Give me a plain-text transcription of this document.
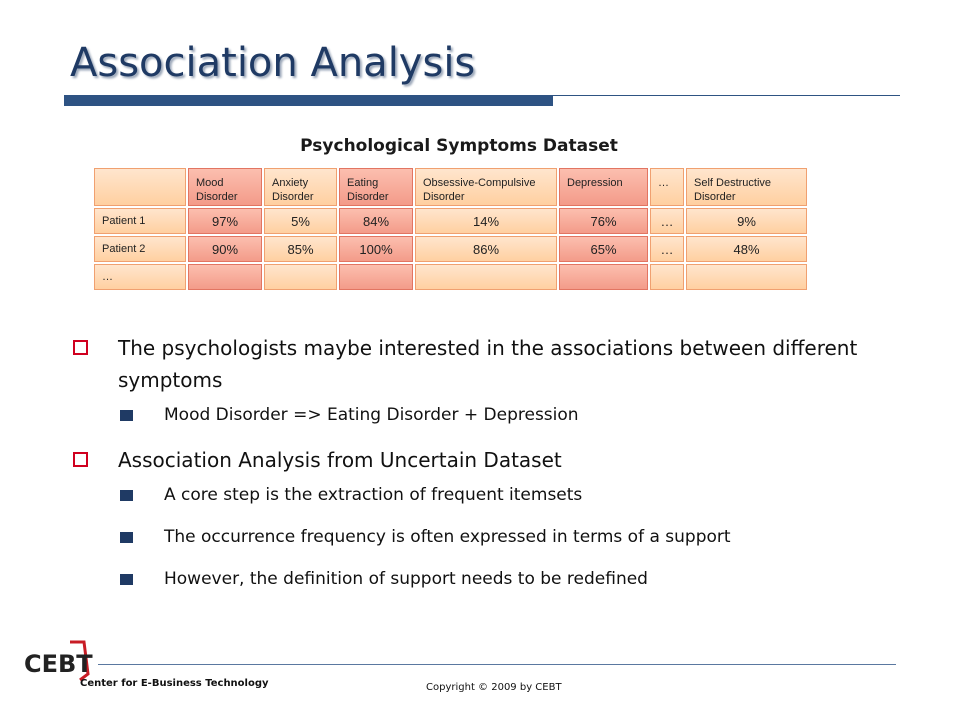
Association Analysis
Psychological Symptoms Dataset
	Mood Disorder	Anxiety Disorder	Eating Disorder	Obsessive-Compulsive Disorder	Depression	…	Self Destructive Disorder
Patient 1	97%	5%	84%	14%	76%	…	9%
Patient 2	90%	85%	100%	86%	65%	…	48%
…							
The psychologists maybe interested in the associations between different symptoms
Mood Disorder => Eating Disorder + Depression
Association Analysis from Uncertain Dataset
A core step is the extraction of frequent itemsets
The occurrence frequency is often expressed in terms of a support
However, the definition of support needs to be redefined
CEBT
Center for E-Business Technology	Copyright © 2009 by CEBT
